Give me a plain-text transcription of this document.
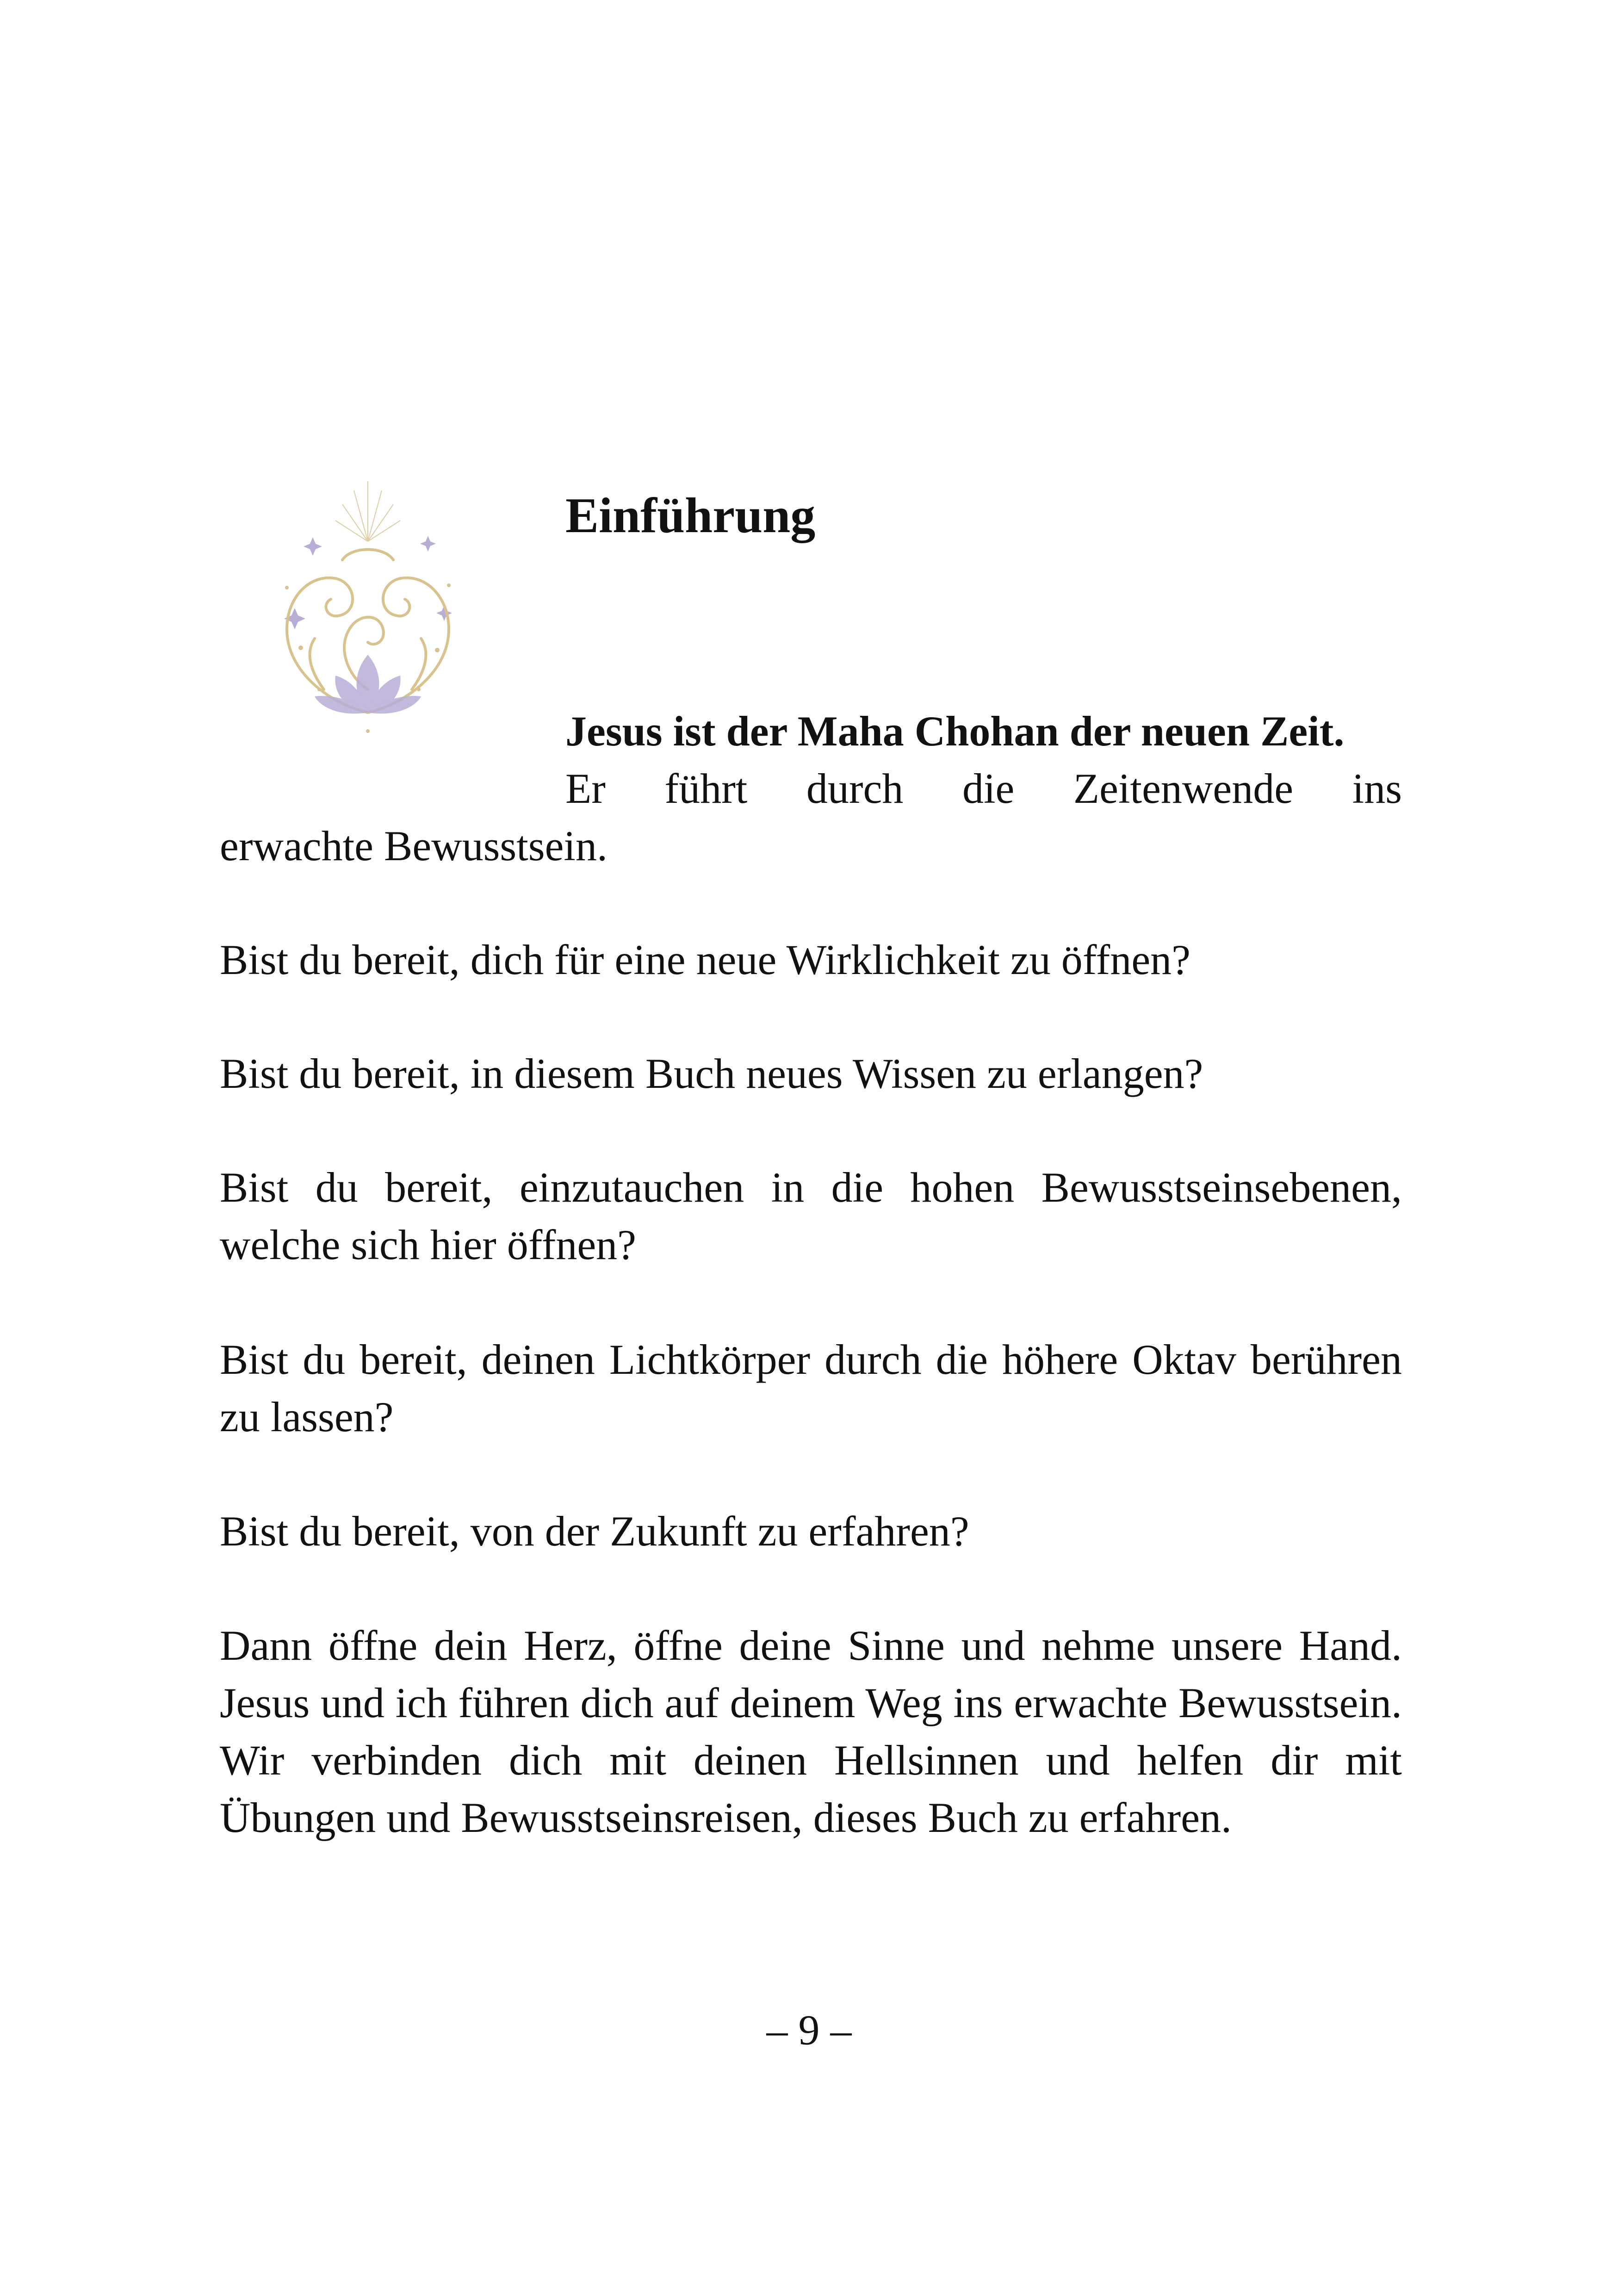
Einführung

Jesus ist der Maha Chohan der neuen Zeit.

Er führt durch die Zeitenwende ins

erwachte Bewusstsein.

Bist du bereit, dich für eine neue Wirklichkeit zu öffnen?

Bist du bereit, in diesem Buch neues Wissen zu erlangen?

Bist du bereit, einzutauchen in die hohen Bewusstseinsebenen, welche sich hier öffnen?

Bist du bereit, deinen Lichtkörper durch die höhere Oktav berühren zu lassen?

Bist du bereit, von der Zukunft zu erfahren?

Dann öffne dein Herz, öffne deine Sinne und nehme unsere Hand. Jesus und ich führen dich auf deinem Weg ins erwachte Bewusstsein. Wir verbinden dich mit deinen Hellsinnen und helfen dir mit Übungen und Bewusstseinsreisen, dieses Buch zu erfahren.

– 9 –
